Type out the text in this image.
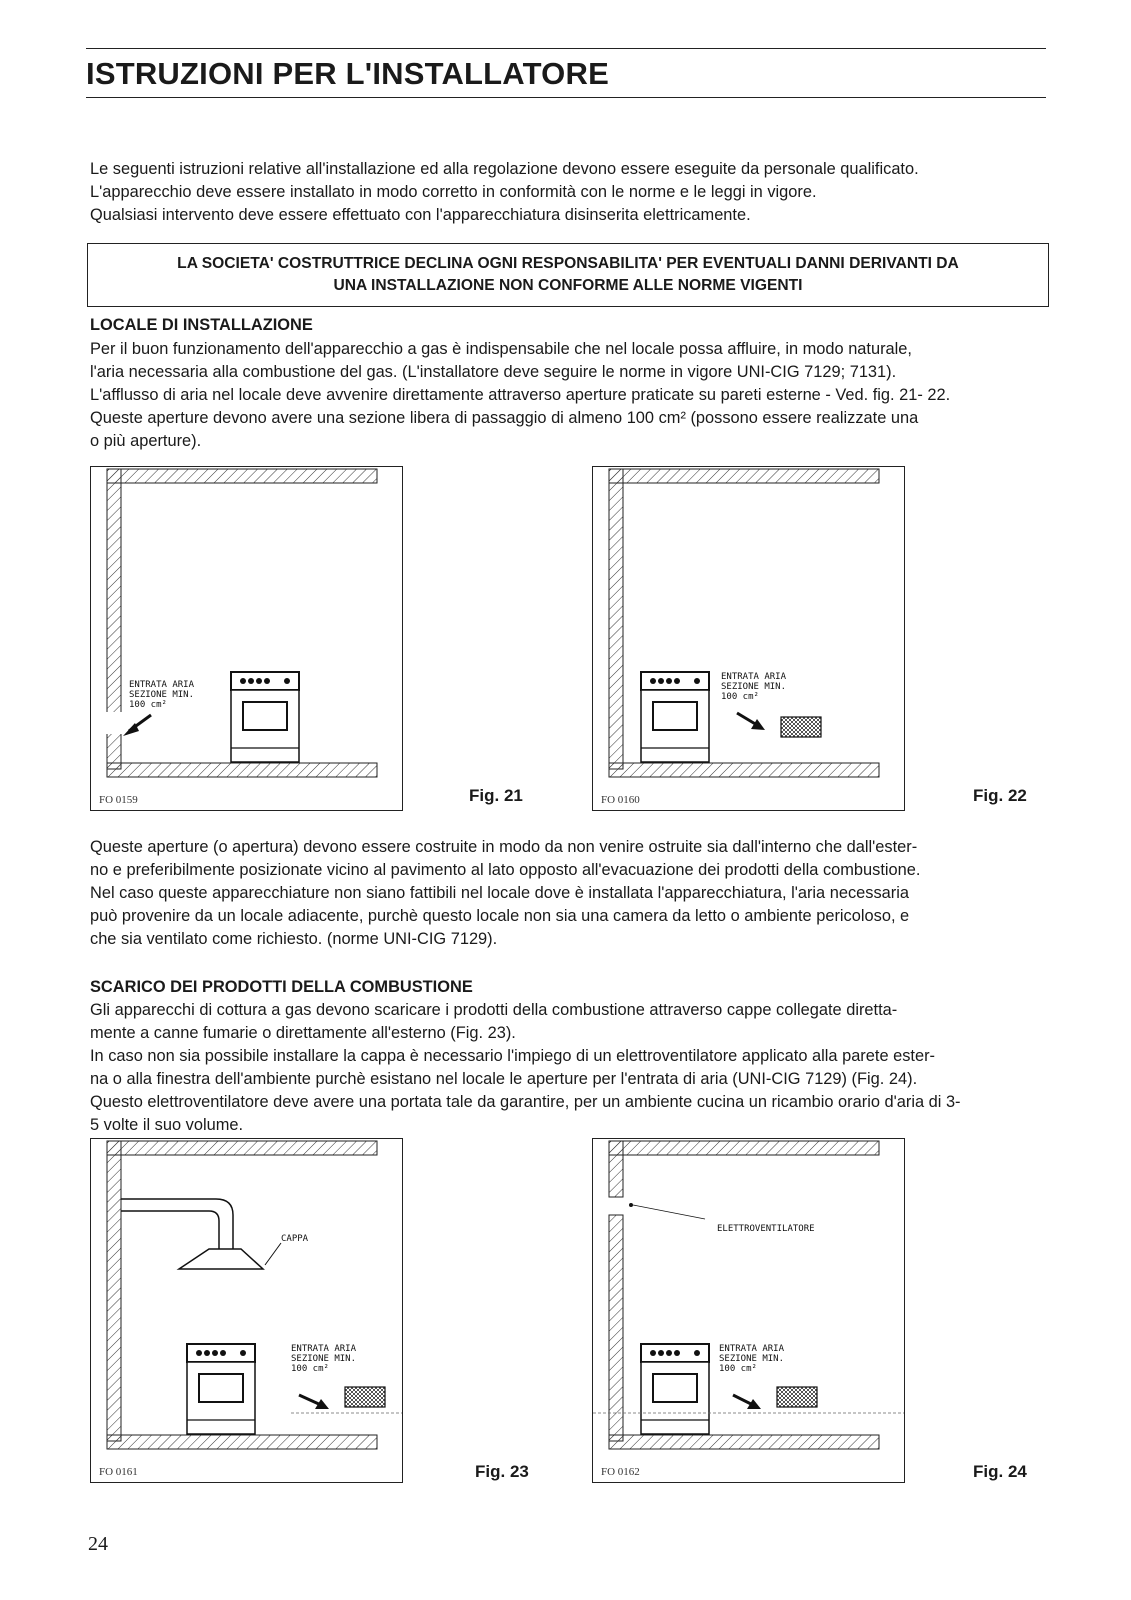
ISTRUZIONI PER L'INSTALLATORE
Le seguenti istruzioni relative all'installazione ed alla regolazione devono essere eseguite da personale qualificato.
L'apparecchio deve essere installato in modo corretto in conformità con le norme e le leggi in vigore.
Qualsiasi intervento deve essere effettuato con l'apparecchiatura disinserita elettricamente.
LA SOCIETA' COSTRUTTRICE DECLINA OGNI RESPONSABILITA' PER EVENTUALI DANNI DERIVANTI DA
UNA INSTALLAZIONE NON CONFORME ALLE NORME VIGENTI
LOCALE DI INSTALLAZIONE
Per il buon funzionamento dell'apparecchio a gas è indispensabile che nel locale possa affluire, in modo naturale,
l'aria necessaria alla combustione del gas. (L'installatore deve seguire le norme in vigore UNI-CIG 7129; 7131).
L'afflusso di aria nel locale deve avvenire direttamente attraverso aperture praticate su pareti esterne - Ved. fig. 21- 22.
Queste aperture devono avere una sezione libera di passaggio di almeno 100 cm² (possono essere realizzate una
o più aperture).
ENTRATA ARIA
SEZIONE MIN.
100 cm²
FO 0159	Fig. 21
ENTRATA ARIA
SEZIONE MIN.
100 cm²
FO 0160	Fig. 22
Queste aperture (o apertura) devono essere costruite in modo da non venire ostruite sia dall'interno che dall'ester-
no e preferibilmente posizionate vicino al pavimento al lato opposto all'evacuazione dei prodotti della combustione.
Nel caso queste apparecchiature non siano fattibili nel locale dove è installata l'apparecchiatura, l'aria necessaria
può provenire da un locale adiacente, purchè questo locale non sia una camera da letto o ambiente pericoloso, e
che sia ventilato come richiesto. (norme UNI-CIG 7129).
SCARICO DEI PRODOTTI DELLA COMBUSTIONE
Gli apparecchi di cottura a gas devono scaricare i prodotti della combustione attraverso cappe collegate diretta-
mente a canne fumarie o direttamente all'esterno (Fig. 23).
In caso non sia possibile installare la cappa è necessario l'impiego di un elettroventilatore applicato alla parete ester-
na o alla finestra dell'ambiente purchè esistano nel locale le aperture per l'entrata di aria (UNI-CIG 7129) (Fig. 24).
Questo elettroventilatore deve avere una portata tale da garantire, per un ambiente cucina un ricambio orario d'aria di 3-
5 volte il suo volume.
CAPPA
ENTRATA ARIA
SEZIONE MIN.
100 cm²
FO 0161	Fig. 23
ELETTROVENTILATORE
ENTRATA ARIA
SEZIONE MIN.
100 cm²
FO 0162	Fig. 24
24
